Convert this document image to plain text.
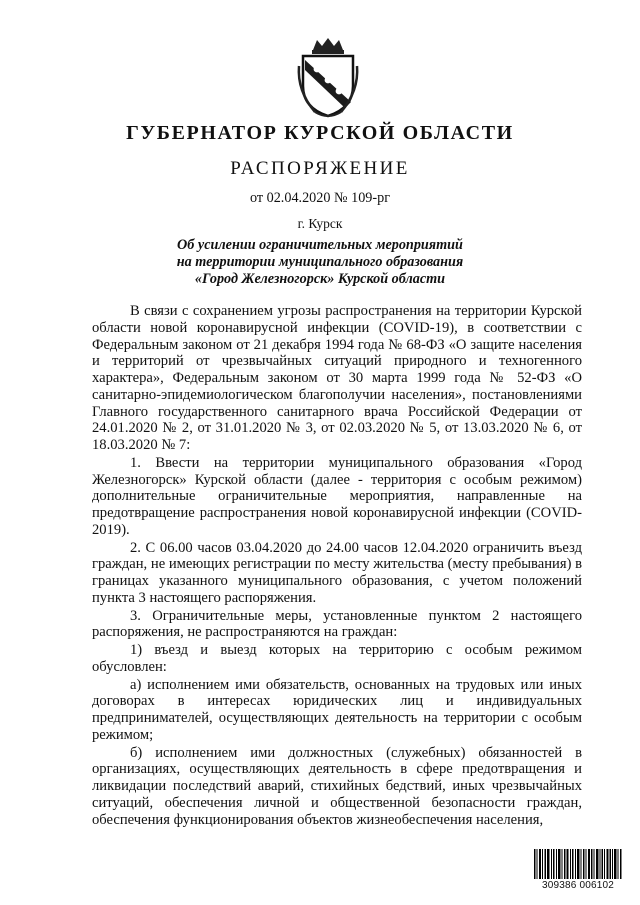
ГУБЕРНАТОР КУРСКОЙ ОБЛАСТИ
РАСПОРЯЖЕНИЕ
от 02.04.2020 № 109-рг
г. Курск
Об усилении ограничительных мероприятий
на территории муниципального образования
«Город Железногорск» Курской области

В связи с сохранением угрозы распространения на территории Курской области новой коронавирусной инфекции (COVID-19), в соответствии с Федеральным законом от 21 декабря 1994 года № 68-ФЗ «О защите населения и территорий от чрезвычайных ситуаций природного и техногенного характера», Федеральным законом от 30 марта 1999 года № 52-ФЗ «О санитарно-эпидемиологическом благополучии населения», постановлениями Главного государственного санитарного врача Российской Федерации от 24.01.2020 № 2, от 31.01.2020 № 3, от 02.03.2020 № 5, от 13.03.2020 № 6, от 18.03.2020 № 7:

1. Ввести на территории муниципального образования «Город Железногорск» Курской области (далее - территория с особым режимом) дополнительные ограничительные мероприятия, направленные на предотвращение распространения новой коронавирусной инфекции (COVID-2019).

2. С 06.00 часов 03.04.2020 до 24.00 часов 12.04.2020 ограничить въезд граждан, не имеющих регистрации по месту жительства (месту пребывания) в границах указанного муниципального образования, с учетом положений пункта 3 настоящего распоряжения.

3. Ограничительные меры, установленные пунктом 2 настоящего распоряжения, не распространяются на граждан:

1) въезд и выезд которых на территорию с особым режимом обусловлен:

а) исполнением ими обязательств, основанных на трудовых или иных договорах в интересах юридических лиц и индивидуальных предпринимателей, осуществляющих деятельность на территории с особым режимом;

б) исполнением ими должностных (служебных) обязанностей в организациях, осуществляющих деятельность в сфере предотвращения и ликвидации последствий аварий, стихийных бедствий, иных чрезвычайных ситуаций, обеспечения личной и общественной безопасности граждан, обеспечения функционирования объектов жизнеобеспечения населения,

309386 006102
